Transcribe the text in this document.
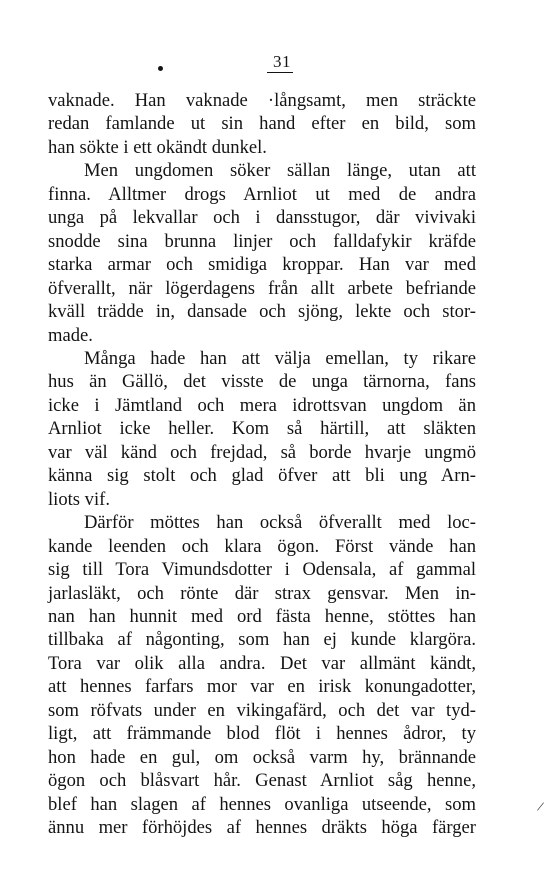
31
vaknade. Han vaknade ·långsamt, men sträckte
redan famlande ut sin hand efter en bild, som
han sökte i ett okändt dunkel.
Men ungdomen söker sällan länge, utan att
finna. Alltmer drogs Arnliot ut med de andra
unga på lekvallar och i dansstugor, där vivivaki
snodde sina brunna linjer och falldafykir kräfde
starka armar och smidiga kroppar. Han var med
öfverallt, när lögerdagens från allt arbete befriande
kväll trädde in, dansade och sjöng, lekte och stor-
made.
Många hade han att välja emellan, ty rikare
hus än Gällö, det visste de unga tärnorna, fans
icke i Jämtland och mera idrottsvan ungdom än
Arnliot icke heller. Kom så härtill, att släkten
var väl känd och frejdad, så borde hvarje ungmö
känna sig stolt och glad öfver att bli ung Arn-
liots vif.
Därför möttes han också öfverallt med loc-
kande leenden och klara ögon. Först vände han
sig till Tora Vimundsdotter i Odensala, af gammal
jarlasläkt, och rönte där strax gensvar. Men in-
nan han hunnit med ord fästa henne, stöttes han
tillbaka af någonting, som han ej kunde klargöra.
Tora var olik alla andra. Det var allmänt kändt,
att hennes farfars mor var en irisk konungadotter,
som röfvats under en vikingafärd, och det var tyd-
ligt, att främmande blod flöt i hennes ådror, ty
hon hade en gul, om också varm hy, brännande
ögon och blåsvart hår. Genast Arnliot såg henne,
blef han slagen af hennes ovanliga utseende, som
ännu mer förhöjdes af hennes dräkts höga färger
/
